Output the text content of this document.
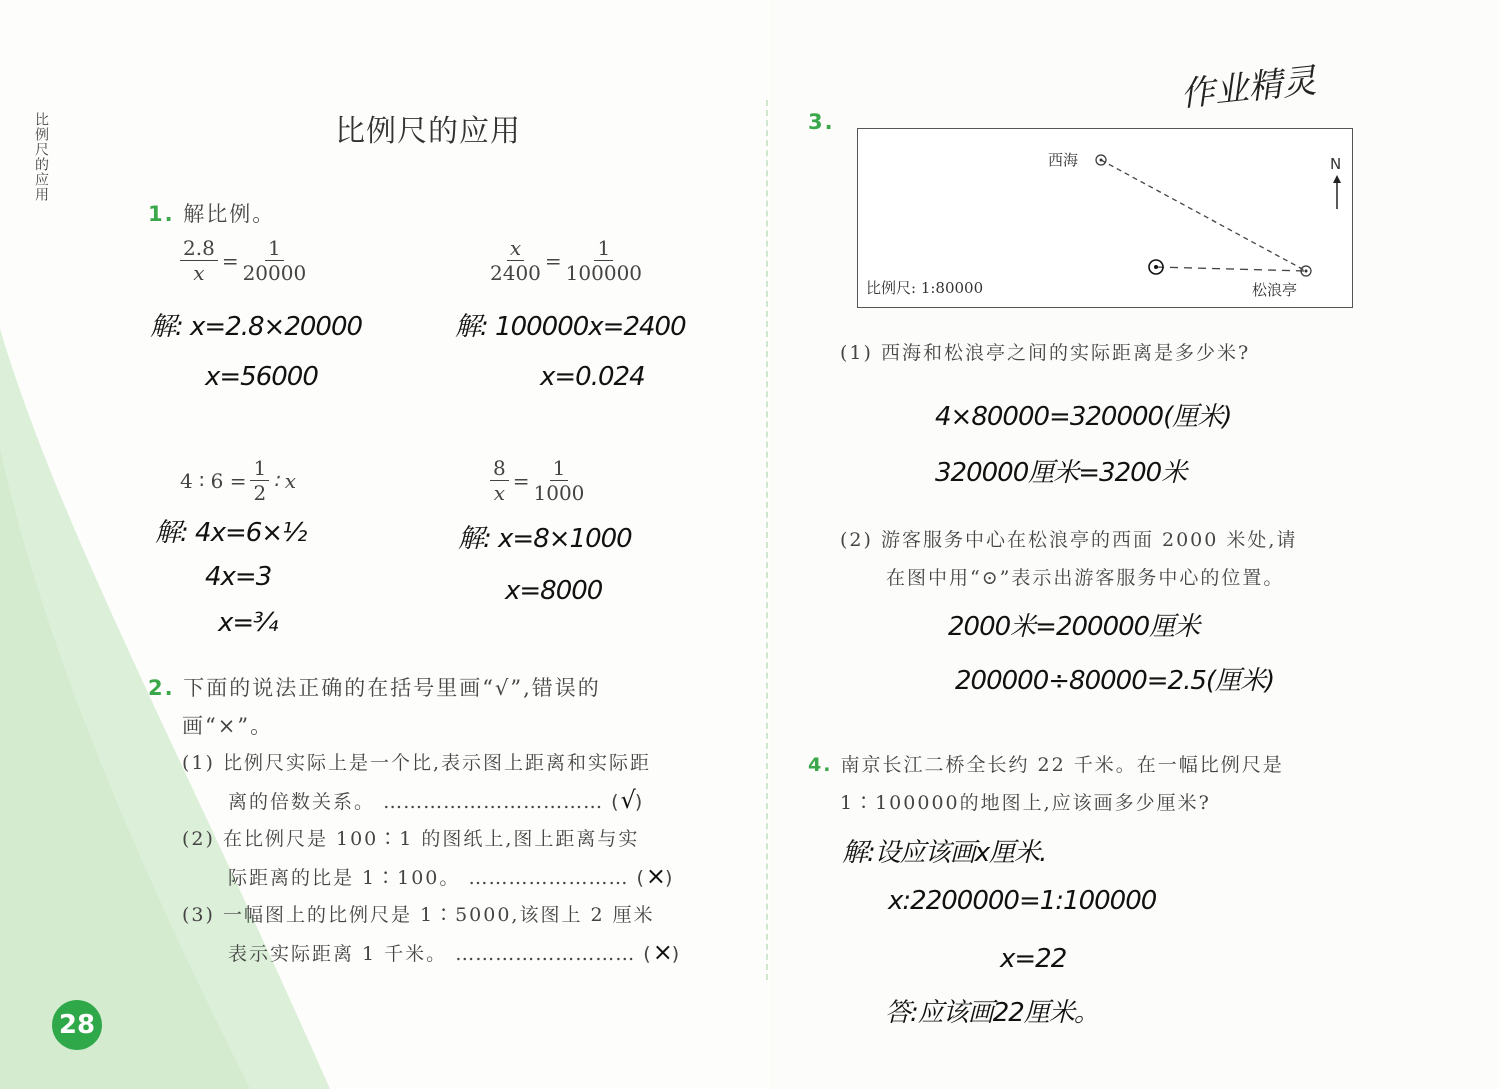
比例尺的应用	比例尺的应用
1. 解比例。
$\frac{2.8}{x} = \frac{1}{20000}$
解: x=2.8×20000
x=56000
$\frac{x}{2400} = \frac{1}{100000}$
解: 100000x=2400
x=0.024
4 ∶ $6 = \frac{1}{2}$ ∶ x
解: 4x=6×½
4x=3
x=¾
$\frac{8}{x} = \frac{1}{1000}$
解: x=8×1000
x=8000
2. 下面的说法正确的在括号里画“√”,错误的
画“×”。
(1) 比例尺实际上是一个比,表示图上距离和实际距
离的倍数关系。 …………………………… (√)
(2) 在比例尺是 100∶1 的图纸上,图上距离与实
际距离的比是 1∶100。 …………………… (×)
(3) 一幅图上的比例尺是 1∶5000,该图上 2 厘米
表示实际距离 1 千米。 ……………………… (×)
28
作业精灵
3.
西海	N
比例尺: 1:80000	松浪亭
(1) 西海和松浪亭之间的实际距离是多少米?
4×80000=320000(厘米)
320000厘米=3200米
(2) 游客服务中心在松浪亭的西面 2000 米处,请
在图中用“⊙”表示出游客服务中心的位置。
2000米=200000厘米
200000÷80000=2.5(厘米)
4. 南京长江二桥全长约 22 千米。在一幅比例尺是
1∶100000的地图上,应该画多少厘米?
解:设应该画x厘米.
x:2200000=1:100000
x=22
答:应该画22厘米。
